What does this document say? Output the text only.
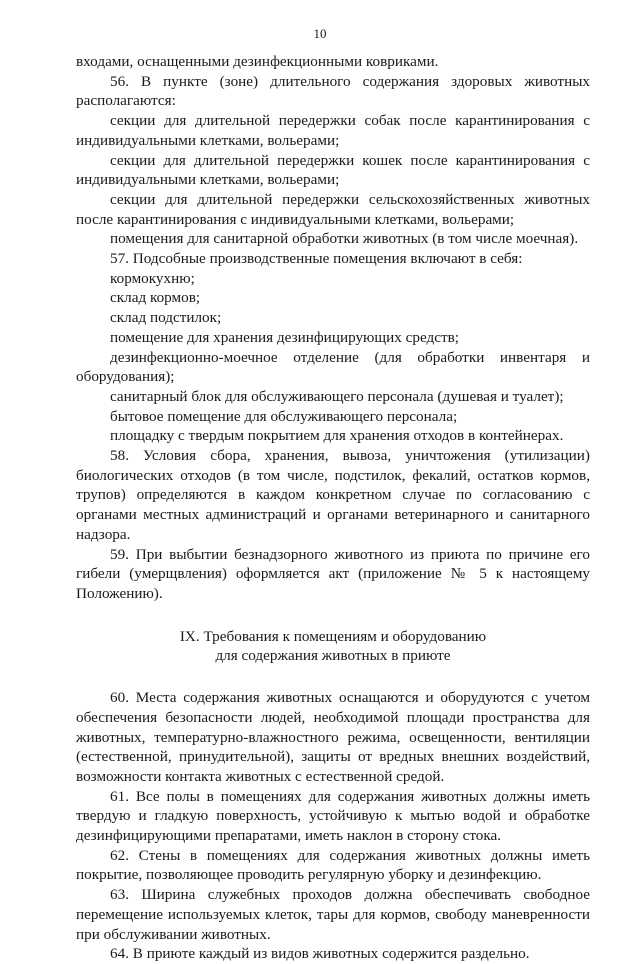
10

входами, оснащенными дезинфекционными ковриками.

56. В пункте (зоне) длительного содержания здоровых животных располагаются:

секции для длительной передержки собак после карантинирования с индивидуальными клетками, вольерами;

секции для длительной передержки кошек после карантинирования с индивидуальными клетками, вольерами;

секции для длительной передержки сельскохозяйственных животных после карантинирования с индивидуальными клетками, вольерами;

помещения для санитарной обработки животных (в том числе моечная).

57. Подсобные производственные помещения включают в себя:

кормокухню;

склад кормов;

склад подстилок;

помещение для хранения дезинфицирующих средств;

дезинфекционно-моечное отделение (для обработки инвентаря и оборудования);

санитарный блок для обслуживающего персонала (душевая и туалет);

бытовое помещение для обслуживающего персонала;

площадку с твердым покрытием для хранения отходов в контейнерах.

58. Условия сбора, хранения, вывоза, уничтожения (утилизации) биологических отходов (в том числе, подстилок, фекалий, остатков кормов, трупов) определяются в каждом конкретном случае по согласованию с органами местных администраций и органами ветеринарного и санитарного надзора.

59. При выбытии безнадзорного животного из приюта по причине его гибели (умерщвления) оформляется акт (приложение № 5 к настоящему Положению).

IX. Требования к помещениям и оборудованию
для содержания животных в приюте

60. Места содержания животных оснащаются и оборудуются с учетом обеспечения безопасности людей, необходимой площади пространства для животных, температурно-влажностного режима, освещенности, вентиляции (естественной, принудительной), защиты от вредных внешних воздействий, возможности контакта животных с естественной средой.

61. Все полы в помещениях для содержания животных должны иметь твердую и гладкую поверхность, устойчивую к мытью водой и обработке дезинфицирующими препаратами, иметь наклон в сторону стока.

62. Стены в помещениях для содержания животных должны иметь покрытие, позволяющее проводить регулярную уборку и дезинфекцию.

63. Ширина служебных проходов должна обеспечивать свободное перемещение используемых клеток, тары для кормов, свободу маневренности при обслуживании животных.

64. В приюте каждый из видов животных содержится раздельно.
